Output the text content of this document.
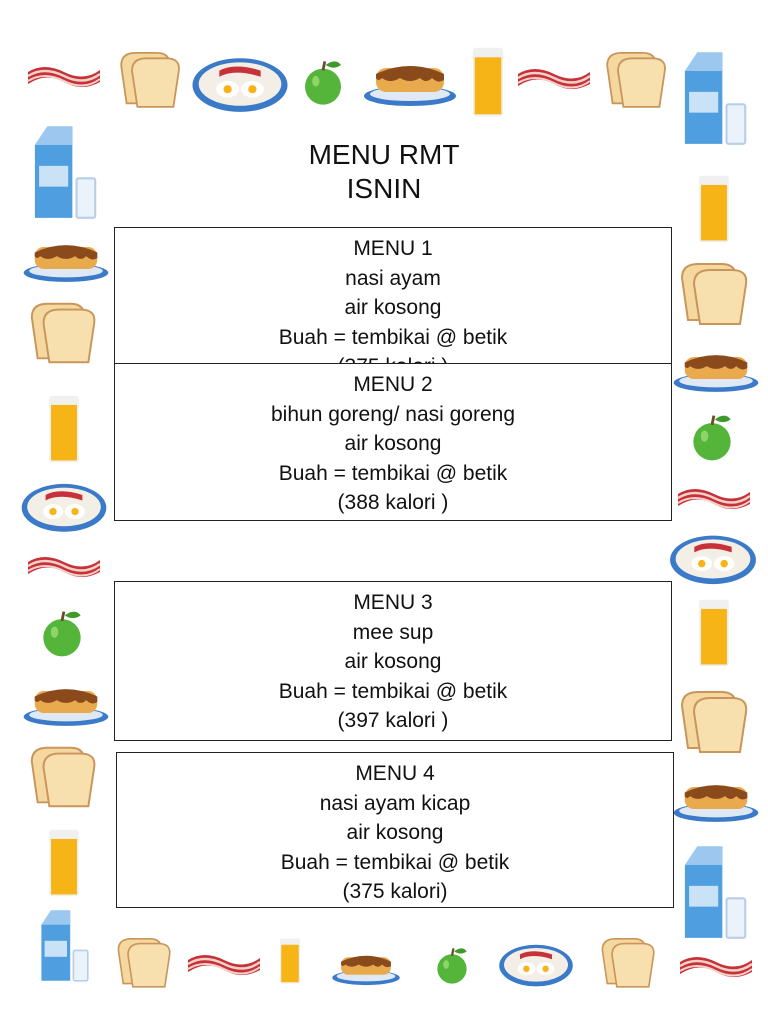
MENU RMT
ISNIN
MENU 1
nasi ayam
air kosong
Buah = tembikai @ betik
MENU 2
bihun goreng/ nasi goreng
air kosong
Buah = tembikai @ betik
(388 kalori )
MENU 3
mee sup
air kosong
Buah = tembikai @ betik
(397 kalori )
MENU 4
nasi ayam kicap
air kosong
Buah = tembikai @ betik
(375 kalori)
